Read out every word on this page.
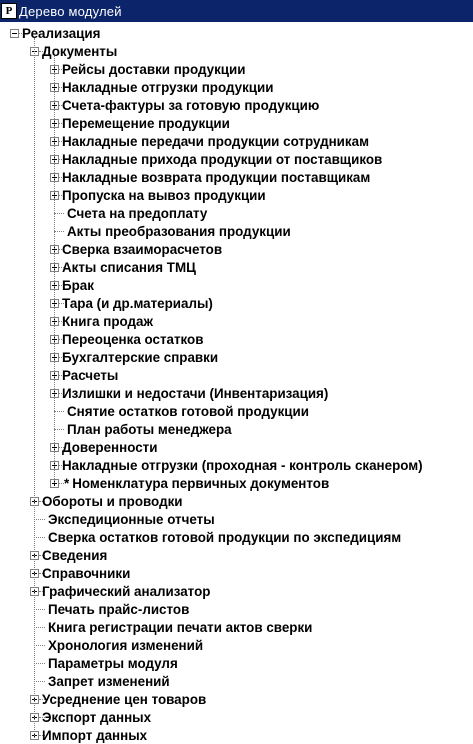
P Дерево модулей
Реализация
Документы
Рейсы доставки продукции
Накладные отгрузки продукции
Счета-фактуры за готовую продукцию
Перемещение продукции
Накладные передачи продукции сотрудникам
Накладные прихода продукции от поставщиков
Накладные возврата продукции поставщикам
Пропуска на вывоз продукции
Счета на предоплату
Акты преобразования продукции
Сверка взаиморасчетов
Акты списания ТМЦ
Брак
Тара (и др.материалы)
Книга продаж
Переоценка остатков
Бухгалтерские справки
Расчеты
Излишки и недостачи (Инвентаризация)
Снятие остатков готовой продукции
План работы менеджера
Доверенности
Накладные отгрузки (проходная - контроль сканером)
* Номенклатура первичных документов
Обороты и проводки
Экспедиционные отчеты
Сверка остатков готовой продукции по экспедициям
Сведения
Справочники
Графический анализатор
Печать прайс-листов
Книга регистрации печати актов сверки
Хронология изменений
Параметры модуля
Запрет изменений
Усреднение цен товаров
Экспорт данных
Импорт данных
